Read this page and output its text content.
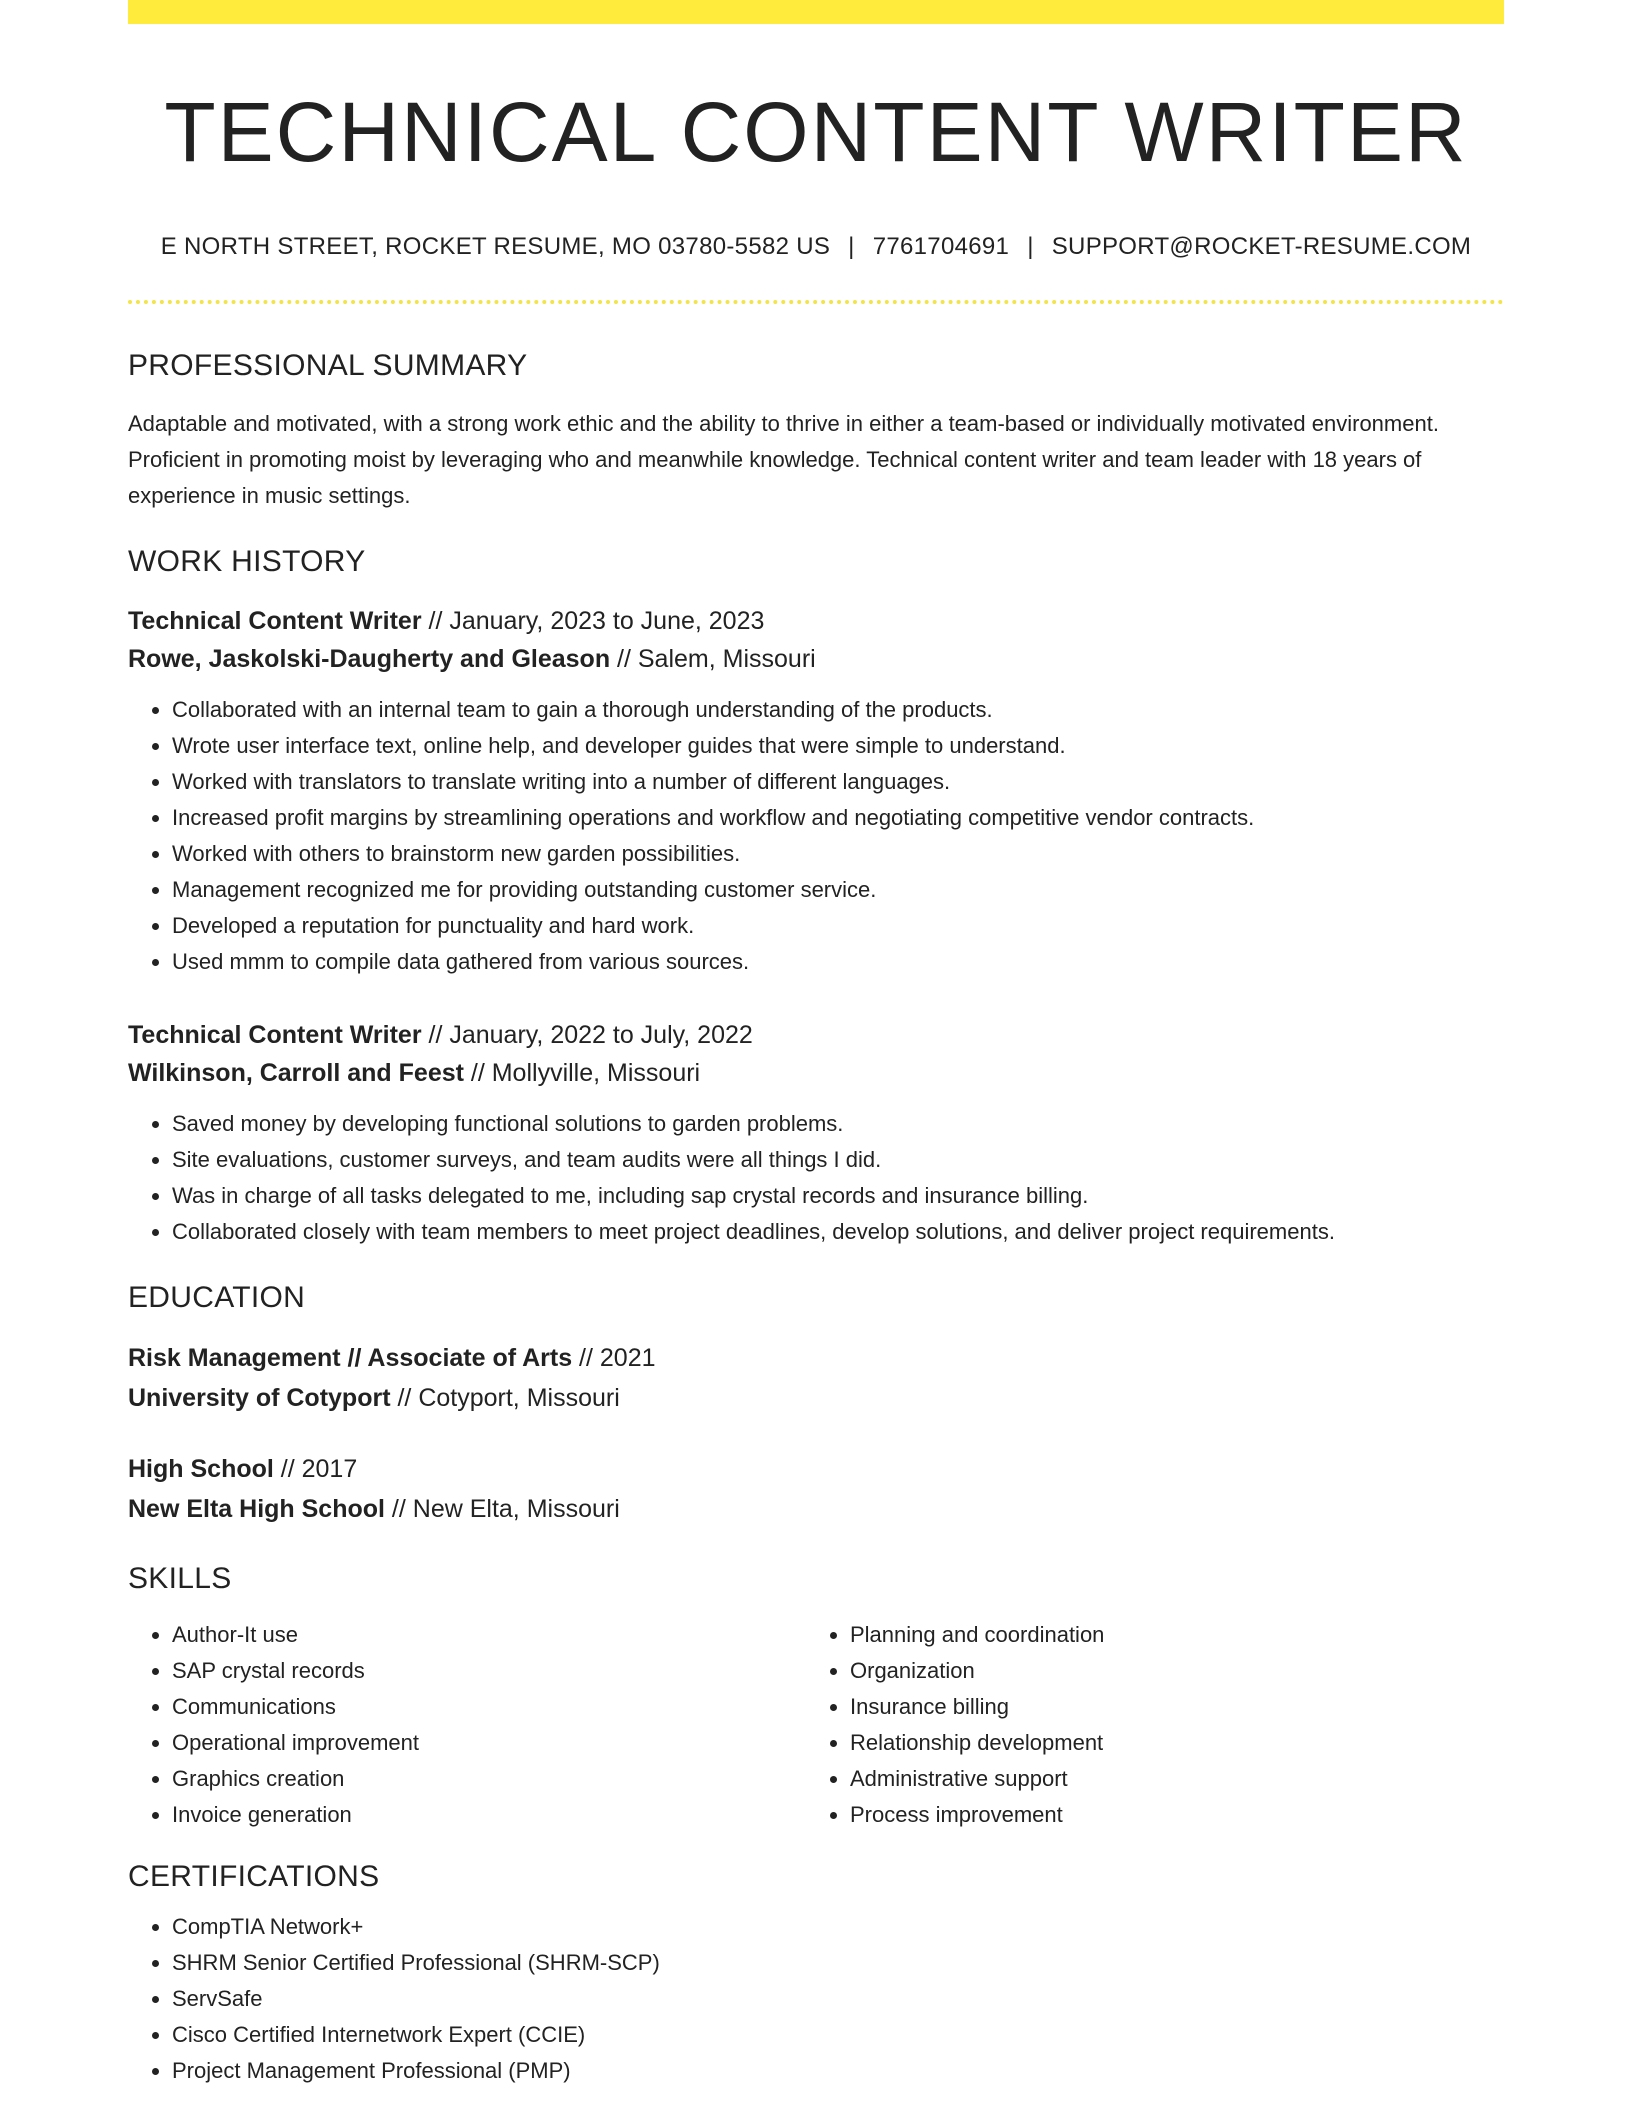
TECHNICAL CONTENT WRITER
E NORTH STREET, ROCKET RESUME, MO 03780-5582 US | 7761704691 | SUPPORT@ROCKET-RESUME.COM
PROFESSIONAL SUMMARY
Adaptable and motivated, with a strong work ethic and the ability to thrive in either a team-based or individually motivated environment. Proficient in promoting moist by leveraging who and meanwhile knowledge. Technical content writer and team leader with 18 years of experience in music settings.
WORK HISTORY
Technical Content Writer // January, 2023 to June, 2023
Rowe, Jaskolski-Daugherty and Gleason // Salem, Missouri
• Collaborated with an internal team to gain a thorough understanding of the products.
• Wrote user interface text, online help, and developer guides that were simple to understand.
• Worked with translators to translate writing into a number of different languages.
• Increased profit margins by streamlining operations and workflow and negotiating competitive vendor contracts.
• Worked with others to brainstorm new garden possibilities.
• Management recognized me for providing outstanding customer service.
• Developed a reputation for punctuality and hard work.
• Used mmm to compile data gathered from various sources.
Technical Content Writer // January, 2022 to July, 2022
Wilkinson, Carroll and Feest // Mollyville, Missouri
• Saved money by developing functional solutions to garden problems.
• Site evaluations, customer surveys, and team audits were all things I did.
• Was in charge of all tasks delegated to me, including sap crystal records and insurance billing.
• Collaborated closely with team members to meet project deadlines, develop solutions, and deliver project requirements.
EDUCATION
Risk Management // Associate of Arts // 2021
University of Cotyport // Cotyport, Missouri
High School // 2017
New Elta High School // New Elta, Missouri
SKILLS
• Author-It use
• SAP crystal records
• Communications
• Operational improvement
• Graphics creation
• Invoice generation
• Planning and coordination
• Organization
• Insurance billing
• Relationship development
• Administrative support
• Process improvement
CERTIFICATIONS
• CompTIA Network+
• SHRM Senior Certified Professional (SHRM-SCP)
• ServSafe
• Cisco Certified Internetwork Expert (CCIE)
• Project Management Professional (PMP)
